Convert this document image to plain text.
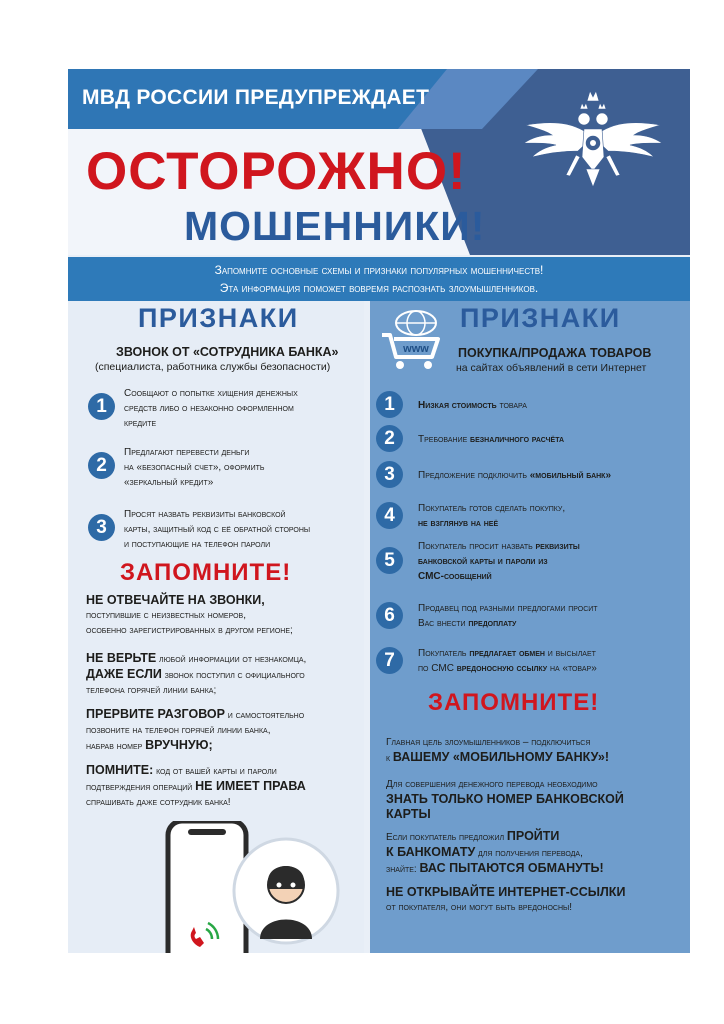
МВД РОССИИ ПРЕДУПРЕЖДАЕТ
ОСТОРОЖНО!
МОШЕННИКИ!
Запомните основные схемы и признаки популярных мошенничеств!
Эта информация поможет вовремя распознать злоумышленников.
ПРИЗНАКИ
ЗВОНОК ОТ «СОТРУДНИКА БАНКА»
(специалиста, работника службы безопасности)
1
Сообщают о попытке хищения денежных
средств либо о незаконно оформленном
кредите
2
Предлагают перевести деньги
на «безопасный счет», оформить
«зеркальный кредит»
3
Просят назвать реквизиты банковской
карты, защитный код с её обратной стороны
и поступающие на телефон пароли
ЗАПОМНИТЕ!
НЕ ОТВЕЧАЙТЕ НА ЗВОНКИ,
поступившие с неизвестных номеров,
особенно зарегистрированных в другом регионе;
НЕ ВЕРЬТЕ любой информации от незнакомца,
ДАЖЕ ЕСЛИ звонок поступил с официального
телефона горячей линии банка;
ПРЕРВИТЕ РАЗГОВОР и самостоятельно
позвоните на телефон горячей линии банка,
набрав номер ВРУЧНУЮ;
ПОМНИТЕ: код от вашей карты и пароли
подтверждения операций НЕ ИМЕЕТ ПРАВА
спрашивать даже сотрудник банка!
www
ПРИЗНАКИ
ПОКУПКА/ПРОДАЖА ТОВАРОВ
на сайтах объявлений в сети Интернет
1	Низкая стоимость товара
2	Требование безналичного расчёта
3	Предложение подключить «мобильный банк»
4	Покупатель готов сделать покупку,
не взглянув на неё
5
Покупатель просит назвать реквизиты
банковской карты и пароли из
СМС-сообщений
6	Продавец под разными предлогами просит
Вас внести предоплату
7	Покупатель предлагает обмен и высылает
по СМС вредоносную ссылку на «товар»
ЗАПОМНИТЕ!
Главная цель злоумышленников – подключиться
к ВАШЕМУ «МОБИЛЬНОМУ БАНКУ»!
Для совершения денежного перевода необходимо
ЗНАТЬ ТОЛЬКО НОМЕР БАНКОВСКОЙ
КАРТЫ
Если покупатель предложил ПРОЙТИ
К БАНКОМАТУ для получения перевода,
знайте: ВАС ПЫТАЮТСЯ ОБМАНУТЬ!
НЕ ОТКРЫВАЙТЕ ИНТЕРНЕТ-ССЫЛКИ
от покупателя, они могут быть вредоносны!
